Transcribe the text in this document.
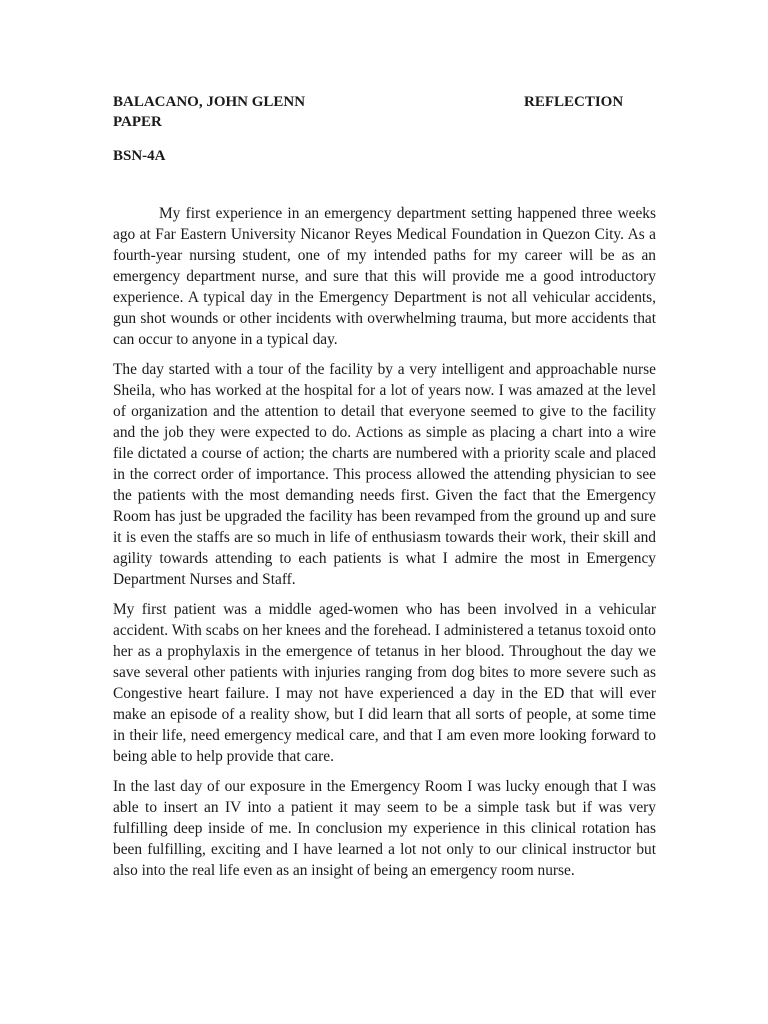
BALACANO, JOHN GLENN	REFLECTION
PAPER
BSN-4A

My first experience in an emergency department setting happened three weeks ago at Far Eastern University Nicanor Reyes Medical Foundation in Quezon City. As a fourth-year nursing student, one of my intended paths for my career will be as an emergency department nurse, and sure that this will provide me a good introductory experience. A typical day in the Emergency Department is not all vehicular accidents, gun shot wounds or other incidents with overwhelming trauma, but more accidents that can occur to anyone in a typical day.

The day started with a tour of the facility by a very intelligent and approachable nurse Sheila, who has worked at the hospital for a lot of years now. I was amazed at the level of organization and the attention to detail that everyone seemed to give to the facility and the job they were expected to do. Actions as simple as placing a chart into a wire file dictated a course of action; the charts are numbered with a priority scale and placed in the correct order of importance. This process allowed the attending physician to see the patients with the most demanding needs first. Given the fact that the Emergency Room has just be upgraded the facility has been revamped from the ground up and sure it is even the staffs are so much in life of enthusiasm towards their work, their skill and agility towards attending to each patients is what I admire the most in Emergency Department Nurses and Staff.

My first patient was a middle aged-women who has been involved in a vehicular accident. With scabs on her knees and the forehead. I administered a tetanus toxoid onto her as a prophylaxis in the emergence of tetanus in her blood. Throughout the day we save several other patients with injuries ranging from dog bites to more severe such as Congestive heart failure. I may not have experienced a day in the ED that will ever make an episode of a reality show, but I did learn that all sorts of people, at some time in their life, need emergency medical care, and that I am even more looking forward to being able to help provide that care.

In the last day of our exposure in the Emergency Room I was lucky enough that I was able to insert an IV into a patient it may seem to be a simple task but if was very fulfilling deep inside of me. In conclusion my experience in this clinical rotation has been fulfilling, exciting and I have learned a lot not only to our clinical instructor but also into the real life even as an insight of being an emergency room nurse.
